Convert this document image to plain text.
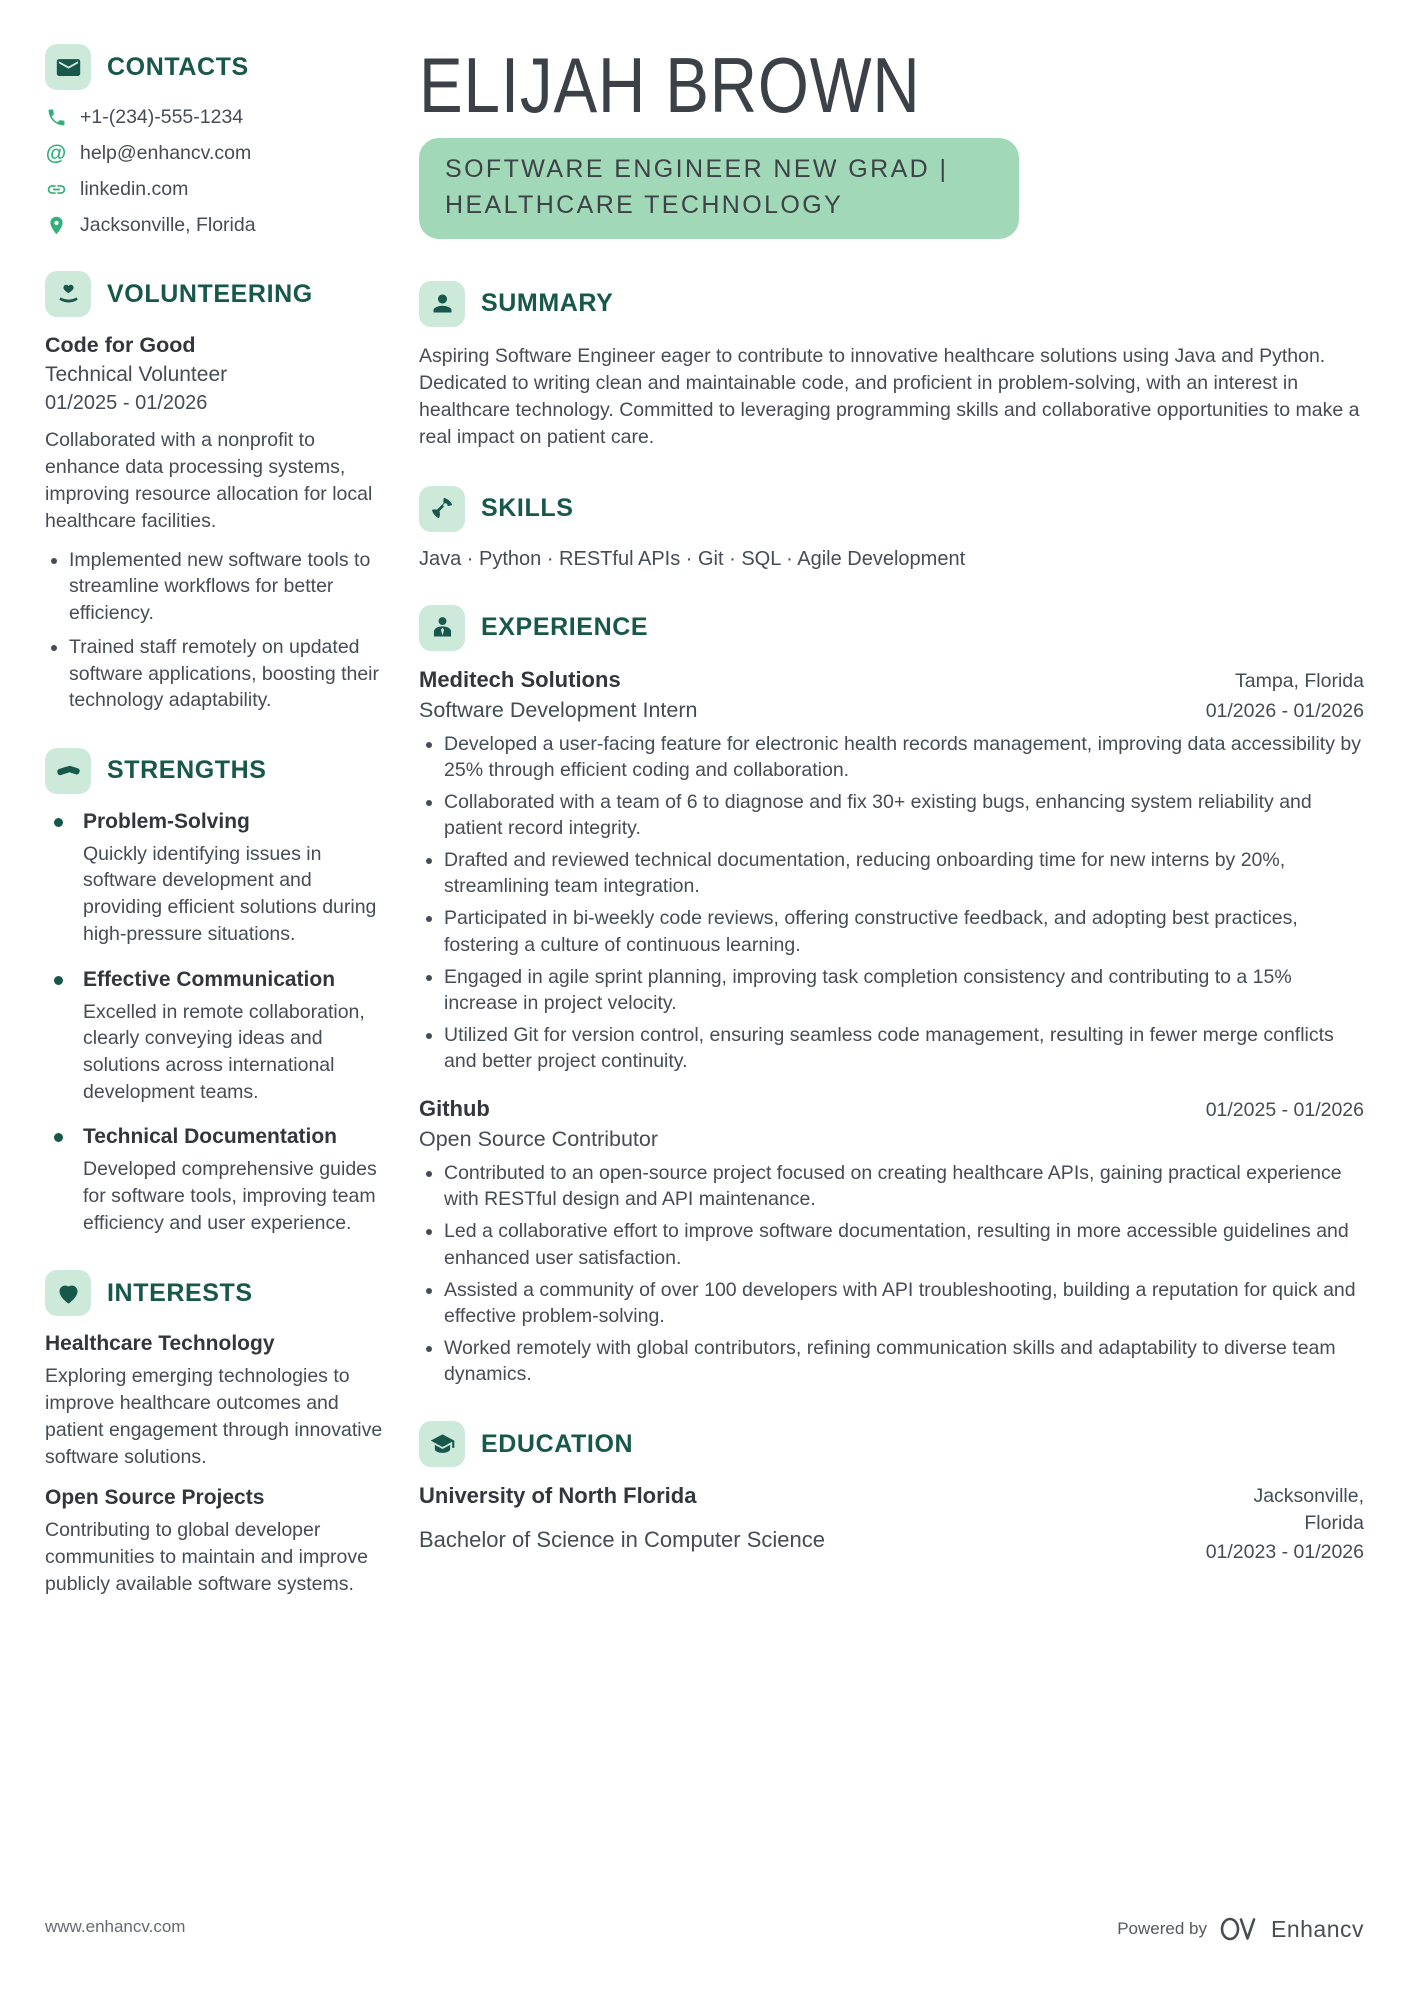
CONTACTS
+1-(234)-555-1234
@ help@enhancv.com
linkedin.com
Jacksonville, Florida
VOLUNTEERING
Code for Good
Technical Volunteer
01/2025 - 01/2026
Collaborated with a nonprofit to enhance data processing systems, improving resource allocation for local healthcare facilities.
• Implemented new software tools to streamline workflows for better efficiency.
• Trained staff remotely on updated software applications, boosting their technology adaptability.
STRENGTHS
Problem-Solving
Quickly identifying issues in software development and providing efficient solutions during high-pressure situations.
Effective Communication
Excelled in remote collaboration, clearly conveying ideas and solutions across international development teams.
Technical Documentation
Developed comprehensive guides for software tools, improving team efficiency and user experience.
INTERESTS
Healthcare Technology
Exploring emerging technologies to improve healthcare outcomes and patient engagement through innovative software solutions.
Open Source Projects
Contributing to global developer communities to maintain and improve publicly available software systems.
ELIJAH BROWN
SOFTWARE ENGINEER NEW GRAD | HEALTHCARE TECHNOLOGY
SUMMARY
Aspiring Software Engineer eager to contribute to innovative healthcare solutions using Java and Python. Dedicated to writing clean and maintainable code, and proficient in problem-solving, with an interest in healthcare technology. Committed to leveraging programming skills and collaborative opportunities to make a real impact on patient care.
SKILLS
Java · Python · RESTful APIs · Git · SQL · Agile Development
EXPERIENCE
Meditech Solutions	Tampa, Florida
Software Development Intern	01/2026 - 01/2026
• Developed a user-facing feature for electronic health records management, improving data accessibility by 25% through efficient coding and collaboration.
• Collaborated with a team of 6 to diagnose and fix 30+ existing bugs, enhancing system reliability and patient record integrity.
• Drafted and reviewed technical documentation, reducing onboarding time for new interns by 20%, streamlining team integration.
• Participated in bi-weekly code reviews, offering constructive feedback, and adopting best practices, fostering a culture of continuous learning.
• Engaged in agile sprint planning, improving task completion consistency and contributing to a 15% increase in project velocity.
• Utilized Git for version control, ensuring seamless code management, resulting in fewer merge conflicts and better project continuity.
Github	01/2025 - 01/2026
Open Source Contributor
• Contributed to an open-source project focused on creating healthcare APIs, gaining practical experience with RESTful design and API maintenance.
• Led a collaborative effort to improve software documentation, resulting in more accessible guidelines and enhanced user satisfaction.
• Assisted a community of over 100 developers with API troubleshooting, building a reputation for quick and effective problem-solving.
• Worked remotely with global contributors, refining communication skills and adaptability to diverse team dynamics.
EDUCATION
University of North Florida
Bachelor of Science in Computer Science
Jacksonville, Florida
01/2023 - 01/2026
www.enhancv.com	Powered by	Enhancv
